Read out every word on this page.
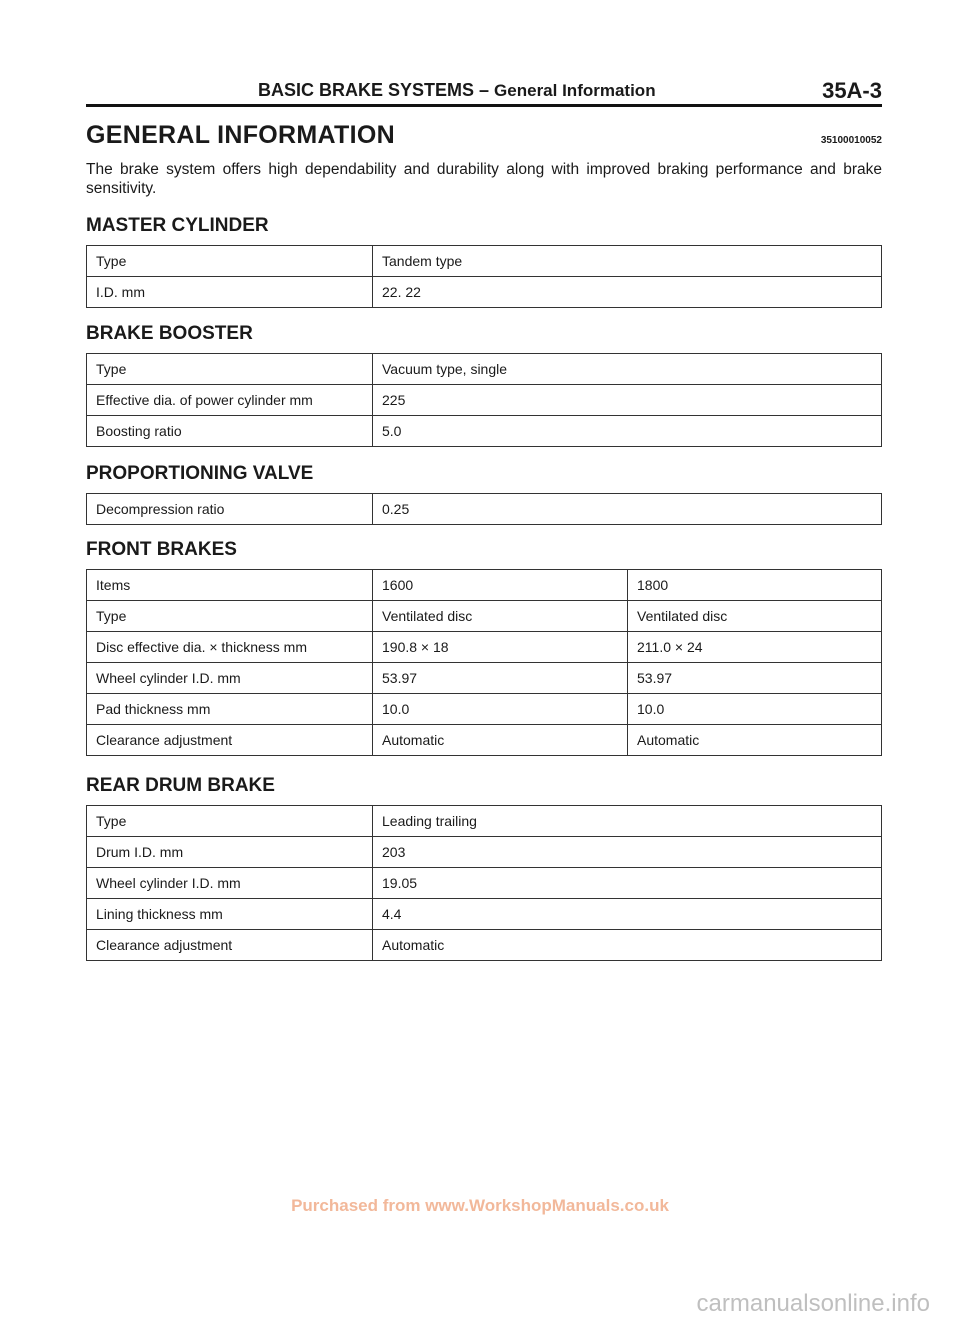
BASIC BRAKE SYSTEMS – General Information	35A-3
GENERAL INFORMATION	35100010052
The brake system offers high dependability and durability along with improved braking performance and brake sensitivity.
MASTER CYLINDER
Type	Tandem type
I.D. mm	22. 22
BRAKE BOOSTER
Type	Vacuum type, single
Effective dia. of power cylinder mm	225
Boosting ratio	5.0
PROPORTIONING VALVE
Decompression ratio	0.25
FRONT BRAKES
Items	1600	1800
Type	Ventilated disc	Ventilated disc
Disc effective dia. × thickness mm	190.8 × 18	211.0 × 24
Wheel cylinder I.D. mm	53.97	53.97
Pad thickness mm	10.0	10.0
Clearance adjustment	Automatic	Automatic
REAR DRUM BRAKE
Type	Leading trailing
Drum I.D. mm	203
Wheel cylinder I.D. mm	19.05
Lining thickness mm	4.4
Clearance adjustment	Automatic
Purchased from www.WorkshopManuals.co.uk
carmanualsonline.info
